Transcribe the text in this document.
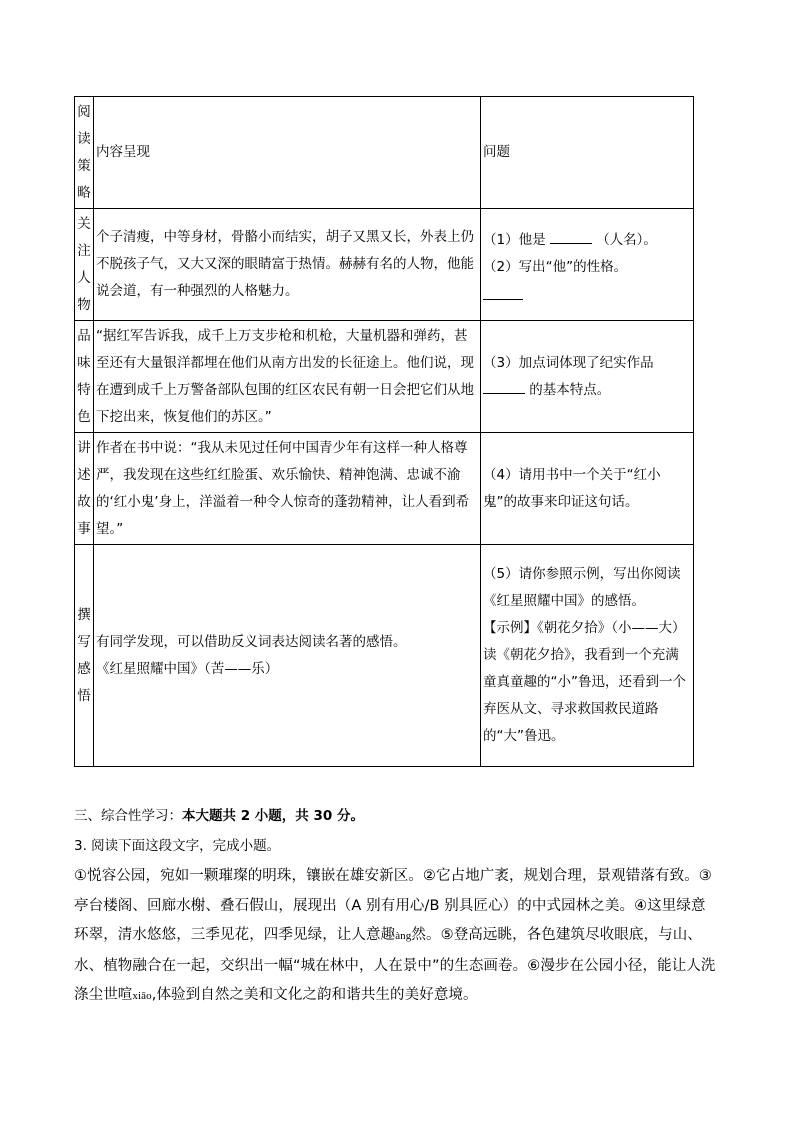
阅读策略	内容呈现	问题
关注人物	个子清瘦，中等身材，骨骼小而结实，胡子又黑又长，外表上仍不脱孩子气，又大又深的眼睛富于热情。赫赫有名的人物，他能说会道，有一种强烈的人格魅力。	（1）他是 （人名）。
（2）写出“他”的性格。

品味特色	“据红军告诉我，成千上万支步枪和机枪，大量机器和弹药，甚至还有大量银洋都埋在他们从南方出发的长征途上。他们说，现在遭到成千上万警备部队包围的红区农民有朝一日会把它们从地下挖出来，恢复他们的苏区。”	（3）加点词体现了纪实作品
的基本特点。

讲述故事	作者在书中说：“我从未见过任何中国青少年有这样一种人格尊严，我发现在这些红红脸蛋、欢乐愉快、精神饱满、忠诚不渝的‘红小鬼’身上，洋溢着一种令人惊奇的蓬勃精神，让人看到希望。”	（4）请用书中一个关于“红小鬼”的故事来印证这句话。
撰写感悟	有同学发现，可以借助反义词表达阅读名著的感悟。
《红星照耀中国》（苦——乐）	（5）请你参照示例，写出你阅读《红星照耀中国》的感悟。
【示例】《朝花夕拾》（小——大）
读《朝花夕拾》，我看到一个充满童真童趣的“小”鲁迅，还看到一个弃医从文、寻求救国救民道路的“大”鲁迅。
三、综合性学习：本大题共 2 小题，共 30 分。
3. 阅读下面这段文字，完成小题。
①悦容公园，宛如一颗璀璨的明珠，镶嵌在雄安新区。②它占地广袤，规划合理，景观错落有致。③亭台楼阁、回廊水榭、叠石假山，展现出（A 别有用心/B 别具匠心）的中式园林之美。④这里绿意环翠，清水悠悠，三季见花，四季见绿，让人意趣àng然。⑤登高远眺，各色建筑尽收眼底，与山、水、植物融合在一起，交织出一幅“城在林中，人在景中”的生态画卷。⑥漫步在公园小径，能让人洗涤尘世喧xiāo,体验到自然之美和文化之韵和谐共生的美好意境。
